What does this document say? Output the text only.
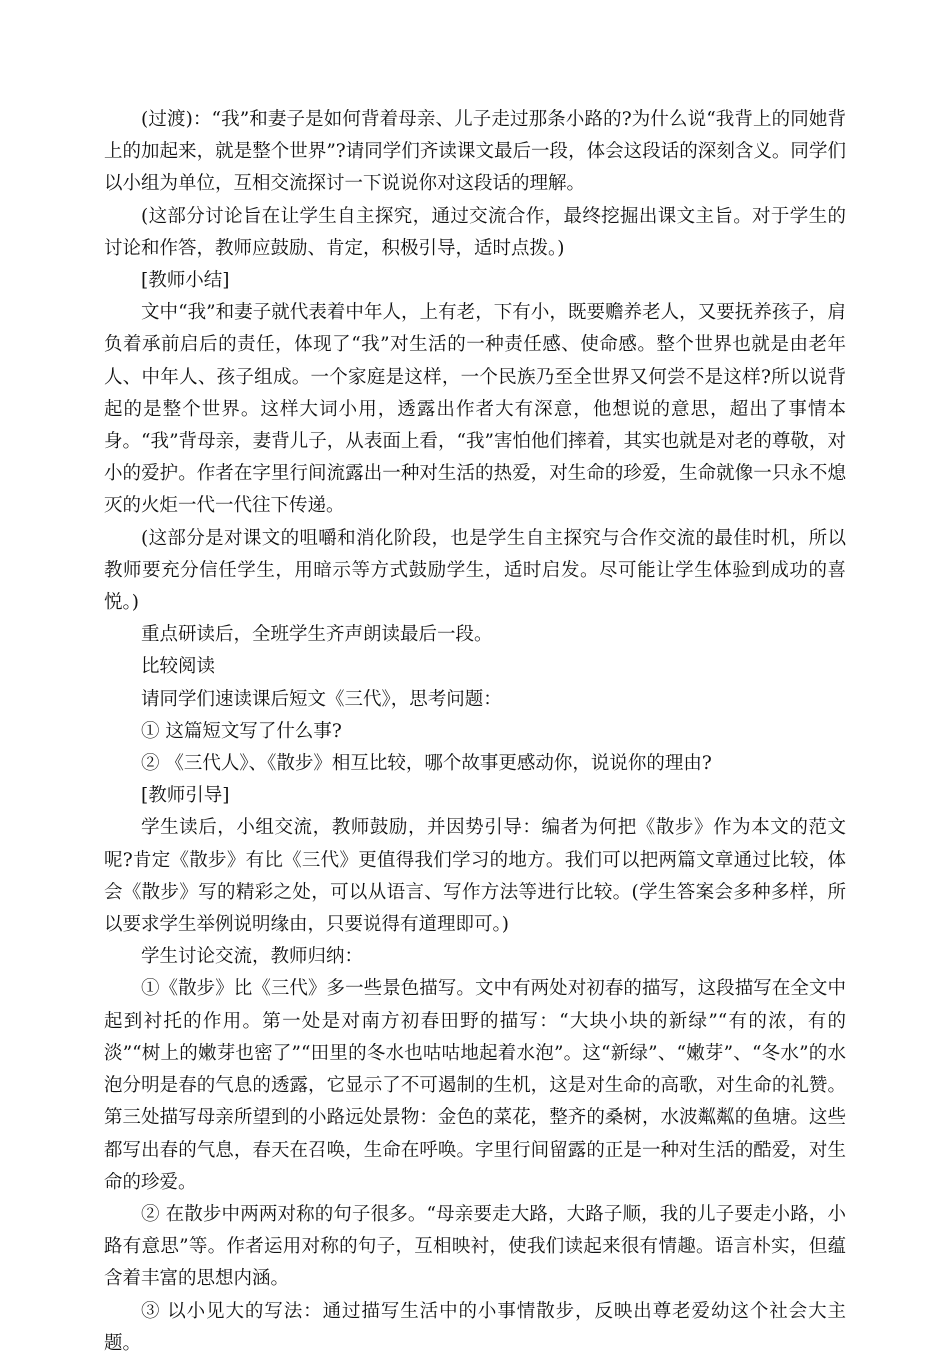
(过渡)：“我”和妻子是如何背着母亲、儿子走过那条小路的?为什么说“我背上的同她背上的加起来，就是整个世界”?请同学们齐读课文最后一段，体会这段话的深刻含义。同学们以小组为单位，互相交流探讨一下说说你对这段话的理解。

(这部分讨论旨在让学生自主探究，通过交流合作，最终挖掘出课文主旨。对于学生的讨论和作答，教师应鼓励、肯定，积极引导，适时点拨。)

[教师小结]

文中“我”和妻子就代表着中年人，上有老，下有小，既要赡养老人，又要抚养孩子，肩负着承前启后的责任，体现了“我”对生活的一种责任感、使命感。整个世界也就是由老年人、中年人、孩子组成。一个家庭是这样，一个民族乃至全世界又何尝不是这样?所以说背起的是整个世界。这样大词小用，透露出作者大有深意，他想说的意思，超出了事情本身。“我”背母亲，妻背儿子，从表面上看，“我”害怕他们摔着，其实也就是对老的尊敬，对小的爱护。作者在字里行间流露出一种对生活的热爱，对生命的珍爱，生命就像一只永不熄灭的火炬一代一代往下传递。

(这部分是对课文的咀嚼和消化阶段，也是学生自主探究与合作交流的最佳时机，所以教师要充分信任学生，用暗示等方式鼓励学生，适时启发。尽可能让学生体验到成功的喜悦。)

重点研读后，全班学生齐声朗读最后一段。

比较阅读

请同学们速读课后短文《三代》，思考问题：

① 这篇短文写了什么事?

② 《三代人》、《散步》相互比较，哪个故事更感动你，说说你的理由?

[教师引导]

学生读后，小组交流，教师鼓励，并因势引导：编者为何把《散步》作为本文的范文呢?肯定《散步》有比《三代》更值得我们学习的地方。我们可以把两篇文章通过比较，体会《散步》写的精彩之处，可以从语言、写作方法等进行比较。(学生答案会多种多样，所以要求学生举例说明缘由，只要说得有道理即可。)

学生讨论交流，教师归纳：

①《散步》比《三代》多一些景色描写。文中有两处对初春的描写，这段描写在全文中起到衬托的作用。第一处是对南方初春田野的描写：“大块小块的新绿”“有的浓，有的淡”“树上的嫩芽也密了”“田里的冬水也咕咕地起着水泡”。这“新绿”、“嫩芽”、“冬水”的水泡分明是春的气息的透露，它显示了不可遏制的生机，这是对生命的高歌，对生命的礼赞。第三处描写母亲所望到的小路远处景物：金色的菜花，整齐的桑树，水波粼粼的鱼塘。这些都写出春的气息，春天在召唤，生命在呼唤。字里行间留露的正是一种对生活的酷爱，对生命的珍爱。

② 在散步中两两对称的句子很多。“母亲要走大路，大路子顺，我的儿子要走小路，小路有意思”等。作者运用对称的句子，互相映衬，使我们读起来很有情趣。语言朴实，但蕴含着丰富的思想内涵。

③ 以小见大的写法：通过描写生活中的小事情散步，反映出尊老爱幼这个社会大主题。
